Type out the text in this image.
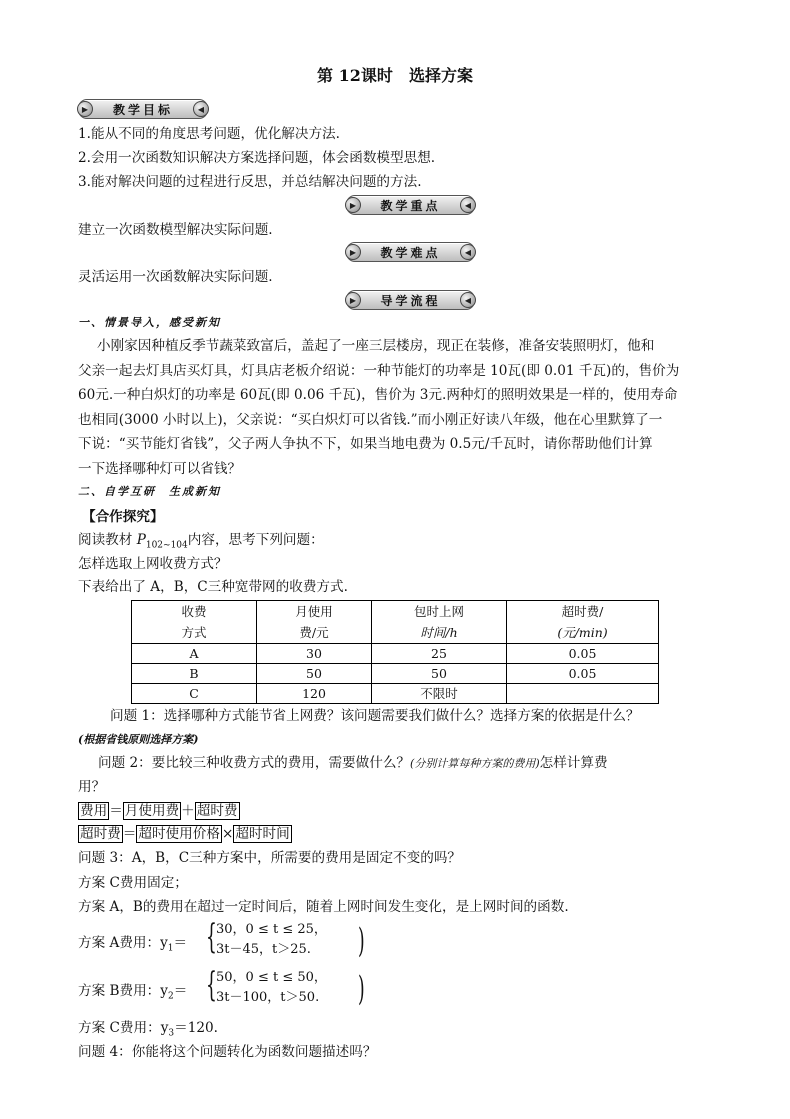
第 12课时　 选择方案
▶	教学目标	◀
1.能从不同的角度思考问题，优化解决方法.
2.会用一次函数知识解决方案选择问题，体会函数模型思想.
3.能对解决问题的过程进行反思，并总结解决问题的方法.
▶	教学重点	◀
建立一次函数模型解决实际问题.
▶	教学难点	◀
灵活运用一次函数解决实际问题.
▶	导学流程	◀
一、情景导入，感受新知
小刚家因种植反季节蔬菜致富后，盖起了一座三层楼房，现正在装修，准备安装照明灯，他和
父亲一起去灯具店买灯具，灯具店老板介绍说：一种节能灯的功率是 10瓦(即 0.01 千瓦)的，售价为
60元.一种白炽灯的功率是 60瓦(即 0.06 千瓦)，售价为 3元.两种灯的照明效果是一样的，使用寿命
也相同(3000 小时以上)，父亲说：“买白炽灯可以省钱.”而小刚正好读八年级，他在心里默算了一
下说：“买节能灯省钱”，父子两人争执不下，如果当地电费为 0.5元/千瓦时，请你帮助他们计算
一下选择哪种灯可以省钱？
二、自学互研　生成新知
【合作探究】
阅读教材 $P_{102\sim 104}$内容，思考下列问题：
怎样选取上网收费方式？
下表给出了 A，B，C三种宽带网的收费方式.
收费	月使用	包时上网	超时费/
方式	费/元	时间/h	(元/min)
A	30	25	0.05
B	50	50	0.05
C	120	不限时	
问题 1：选择哪种方式能节省上网费？该问题需要我们做什么？选择方案的依据是什么？
(根据省钱原则选择方案)
问题 2：要比较三种收费方式的费用，需要做什么？(分别计算每种方案的费用)怎样计算费
用？
费用 ＝ 月使用费 ＋ 超时费
超时费 ＝ 超时使用价格 × 超时时间
问题 3：A，B，C三种方案中，所需要的费用是固定不变的吗？
方案 C费用固定；
方案 A，B的费用在超过一定时间后，随着上网时间发生变化，是上网时间的函数.
方案 A费用：$y_1=$ { 30，0 ≤ t ≤ 25，
3t－45，t＞25. )
方案 B费用：$y_2=$ { 50，0 ≤ t ≤ 50，
3t－100，t＞50. )
方案 C费用：$y_3=120$.
问题 4：你能将这个问题转化为函数问题描述吗？
